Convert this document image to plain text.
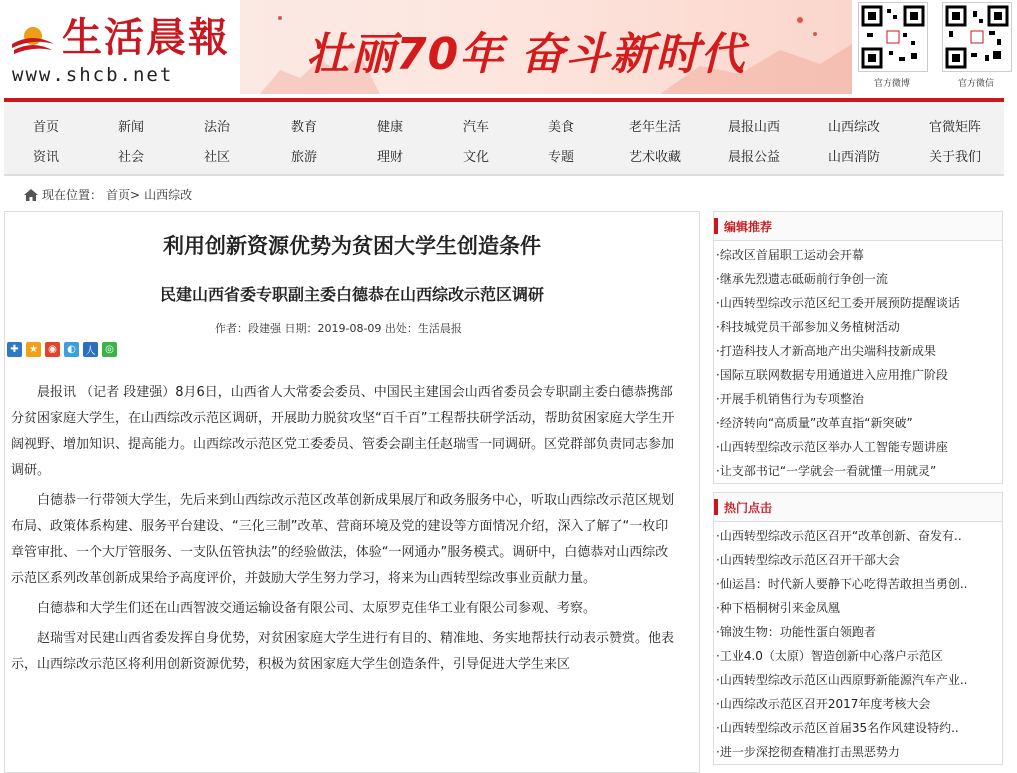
生活晨報
www.shcb.net	壮丽70年 奋斗新时代
官方微博	官方微信
首页	新闻	法治	教育	健康	汽车	美食	老年生活	晨报山西	山西综改	官微矩阵
资讯	社会	社区	旅游	理财	文化	专题	艺术收藏	晨报公益	山西消防	关于我们
现在位置： 首页> 山西综改
利用创新资源优势为贫困大学生创造条件
民建山西省委专职副主委白德恭在山西综改示范区调研
作者：段建强 日期：2019-08-09 出处：生活晨报
✚	★	◉	◐ 人 ◎

晨报讯 （记者 段建强）8月6日，山西省人大常委会委员、中国民主建国会山西省委员会专职副主委白德恭携部分贫困家庭大学生，在山西综改示范区调研，开展助力脱贫攻坚“百千百”工程帮扶研学活动，帮助贫困家庭大学生开阔视野、增加知识、提高能力。山西综改示范区党工委委员、管委会副主任赵瑞雪一同调研。区党群部负责同志参加调研。

白德恭一行带领大学生，先后来到山西综改示范区改革创新成果展厅和政务服务中心，听取山西综改示范区规划布局、政策体系构建、服务平台建设、“三化三制”改革、营商环境及党的建设等方面情况介绍，深入了解了“一枚印章管审批、一个大厅管服务、一支队伍管执法”的经验做法，体验“一网通办”服务模式。调研中，白德恭对山西综改示范区系列改革创新成果给予高度评价，并鼓励大学生努力学习，将来为山西转型综改事业贡献力量。

白德恭和大学生们还在山西智波交通运输设备有限公司、太原罗克佳华工业有限公司参观、考察。

赵瑞雪对民建山西省委发挥自身优势，对贫困家庭大学生进行有目的、精准地、务实地帮扶行动表示赞赏。他表示，山西综改示范区将利用创新资源优势，积极为贫困家庭大学生创造条件，引导促进大学生来区

编辑推荐
·综改区首届职工运动会开幕
·继承先烈遗志砥砺前行争创一流
·山西转型综改示范区纪工委开展预防提醒谈话
·科技城党员干部参加义务植树活动
·打造科技人才新高地产出尖端科技新成果
·国际互联网数据专用通道进入应用推广阶段
·开展手机销售行为专项整治
·经济转向“高质量”改革直指“新突破”
·山西转型综改示范区举办人工智能专题讲座
·让支部书记“一学就会一看就懂一用就灵”
热门点击
·山西转型综改示范区召开“改革创新、奋发有..
·山西转型综改示范区召开干部大会
·仙运昌：时代新人要静下心吃得苦敢担当勇创..
·种下梧桐树引来金凤凰
·锦波生物：功能性蛋白领跑者
·工业4.0（太原）智造创新中心落户示范区
·山西转型综改示范区山西原野新能源汽车产业..
·山西综改示范区召开2017年度考核大会
·山西转型综改示范区首届35名作风建设特约..
·进一步深挖彻查精准打击黑恶势力
